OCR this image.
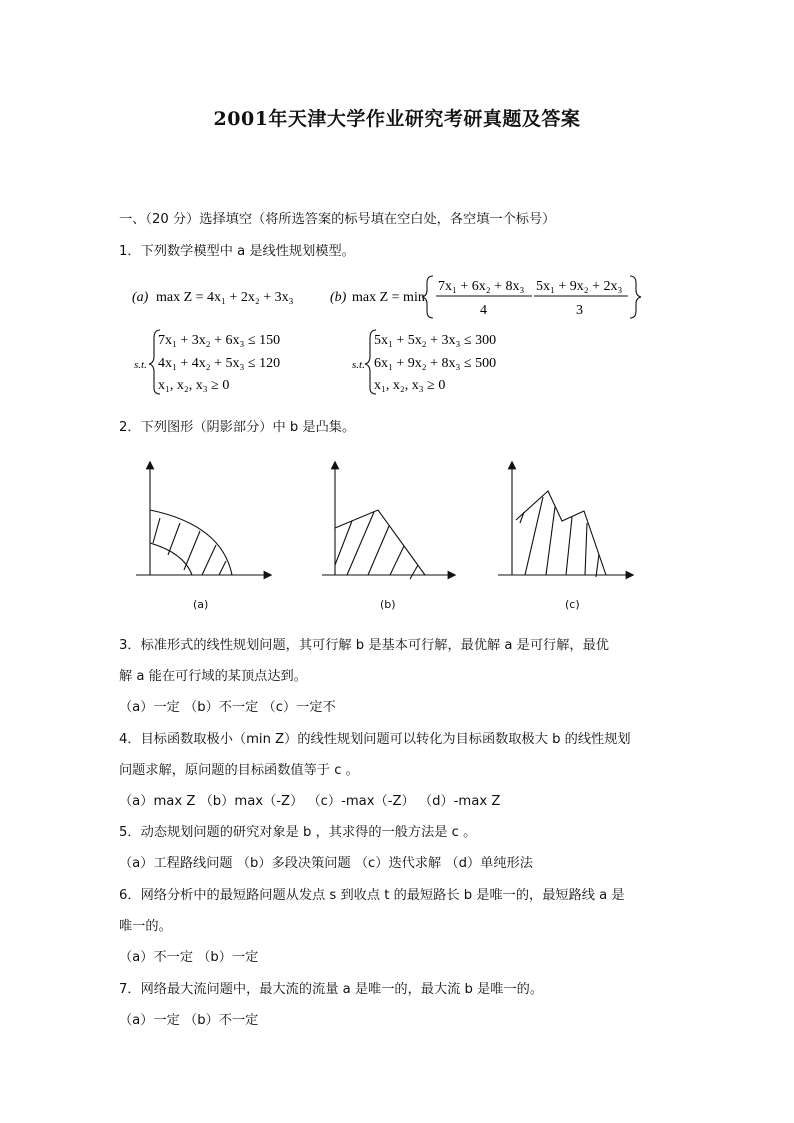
2001年天津大学作业研究考研真题及答案
一、（20 分）选择填空（将所选答案的标号填在空白处，各空填一个标号）
1．下列数学模型中 a 是线性规划模型。
(a) max Z = 4x₁ + 2x₂ + 3x₃	(b) max Z = min
7x₁ + 6x₂ + 8x₃
4
5x₁ + 9x₂ + 2x₃
3
s.t.
7x₁ + 3x₂ + 6x₃ ≤ 150
4x₁ + 4x₂ + 5x₃ ≤ 120
x₁, x₂, x₃ ≥ 0
s.t.
5x₁ + 5x₂ + 3x₃ ≤ 300
6x₁ + 9x₂ + 8x₃ ≤ 500
x₁, x₂, x₃ ≥ 0
2．下列图形（阴影部分）中 b 是凸集。
(a)	(b)	(c)
3．标准形式的线性规划问题，其可行解 b 是基本可行解，最优解 a 是可行解，最优
解 a 能在可行域的某顶点达到。
（a）一定 （b）不一定 （c）一定不
4．目标函数取极小（min Z）的线性规划问题可以转化为目标函数取极大 b 的线性规划
问题求解，原问题的目标函数值等于 c 。
（a）max Z （b）max（-Z） （c）-max（-Z） （d）-max Z
5．动态规划问题的研究对象是 b ，其求得的一般方法是 c 。
（a）工程路线问题 （b）多段决策问题 （c）迭代求解 （d）单纯形法
6．网络分析中的最短路问题从发点 s 到收点 t 的最短路长 b 是唯一的，最短路线 a 是
唯一的。
（a）不一定 （b）一定
7．网络最大流问题中，最大流的流量 a 是唯一的，最大流 b 是唯一的。
（a）一定 （b）不一定
